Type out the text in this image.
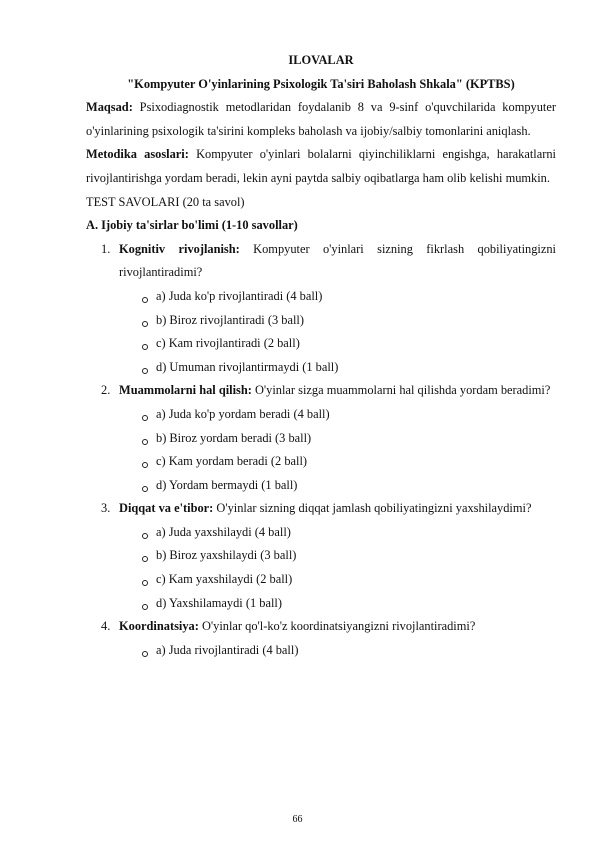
ILOVALAR
"Kompyuter O'yinlarining Psixologik Ta'siri Baholash Shkala" (KPTBS)
Maqsad: Psixodiagnostik metodlaridan foydalanib 8 va 9-sinf o'quvchilarida kompyuter o'yinlarining psixologik ta'sirini kompleks baholash va ijobiy/salbiy tomonlarini aniqlash.
Metodika asoslari: Kompyuter o'yinlari bolalarni qiyinchiliklarni engishga, harakatlarni rivojlantirishga yordam beradi, lekin ayni paytda salbiy oqibatlarga ham olib kelishi mumkin.
TEST SAVOLARI (20 ta savol)
A. Ijobiy ta'sirlar bo'limi (1-10 savollar)
1. Kognitiv rivojlanish: Kompyuter o'yinlari sizning fikrlash qobiliyatingizni rivojlantiradimi?
a) Juda ko'p rivojlantiradi (4 ball)
b) Biroz rivojlantiradi (3 ball)
c) Kam rivojlantiradi (2 ball)
d) Umuman rivojlantirmaydi (1 ball)
2. Muammolarni hal qilish: O'yinlar sizga muammolarni hal qilishda yordam beradimi?
a) Juda ko'p yordam beradi (4 ball)
b) Biroz yordam beradi (3 ball)
c) Kam yordam beradi (2 ball)
d) Yordam bermaydi (1 ball)
3. Diqqat va e'tibor: O'yinlar sizning diqqat jamlash qobiliyatingizni yaxshilaydimi?
a) Juda yaxshilaydi (4 ball)
b) Biroz yaxshilaydi (3 ball)
c) Kam yaxshilaydi (2 ball)
d) Yaxshilamaydi (1 ball)
4. Koordinatsiya: O'yinlar qo'l-ko'z koordinatsiyangizni rivojlantiradimi?
a) Juda rivojlantiradi (4 ball)
66
